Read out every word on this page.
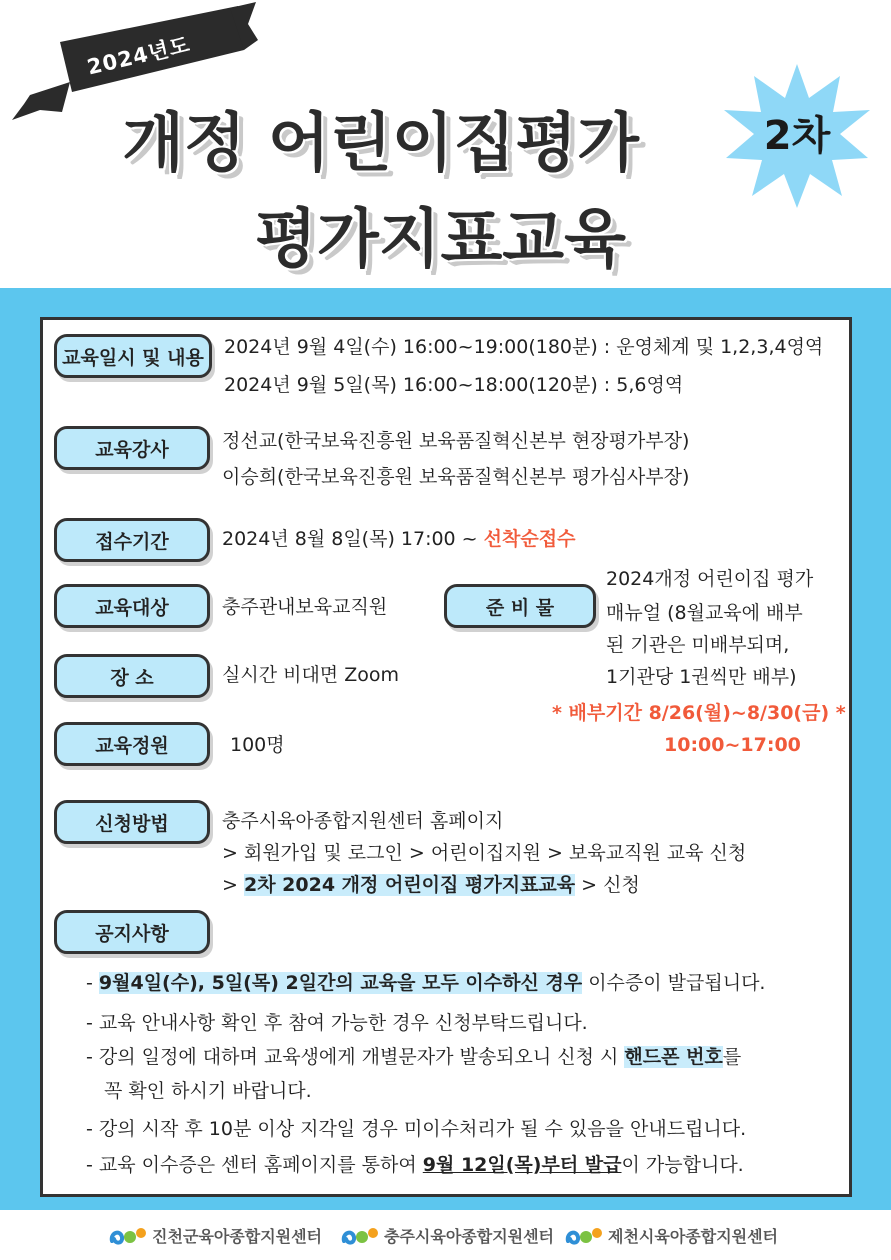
2024년도
개정 어린이집평가
평가지표교육
2차
교육일시 및 내용	2024년 9월 4일(수) 16:00~19:00(180분) : 운영체계 및 1,2,3,4영역
2024년 9월 5일(목) 16:00~18:00(120분) : 5,6영역
교육강사	정선교(한국보육진흥원 보육품질혁신본부 현장평가부장)
이승희(한국보육진흥원 보육품질혁신본부 평가심사부장)
접수기간	2024년 8월 8일(목) 17:00 ~ 선착순접수
교육대상	충주관내보육교직원	준 비 물
2024개정 어린이집 평가
매뉴얼 (8월교육에 배부
된 기관은 미배부되며,
1기관당 1권씩만 배부)
* 배부기간 8/26(월)~8/30(금) *
10:00~17:00
장 소	실시간 비대면 Zoom
교육정원	100명
신청방법	충주시육아종합지원센터 홈페이지
> 회원가입 및 로그인 > 어린이집지원 > 보육교직원 교육 신청
> 2차 2024 개정 어린이집 평가지표교육 > 신청
공지사항
- 9월4일(수), 5일(목) 2일간의 교육을 모두 이수하신 경우 이수증이 발급됩니다.
- 교육 안내사항 확인 후 참여 가능한 경우 신청부탁드립니다.
- 강의 일정에 대하며 교육생에게 개별문자가 발송되오니 신청 시 핸드폰 번호를
꼭 확인 하시기 바랍니다.
- 강의 시작 후 10분 이상 지각일 경우 미이수처리가 될 수 있음을 안내드립니다.
- 교육 이수증은 센터 홈페이지를 통하여 9월 12일(목)부터 발급이 가능합니다.
진천군육아종합지원센터	충주시육아종합지원센터	제천시육아종합지원센터
